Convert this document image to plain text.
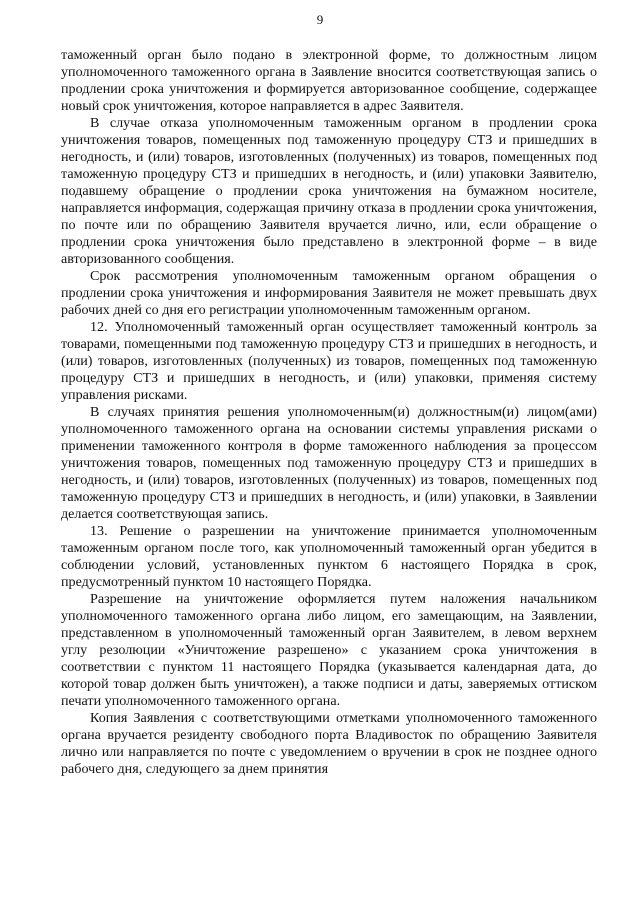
9

таможенный орган было подано в электронной форме, то должностным лицом уполномоченного таможенного органа в Заявление вносится соответствующая запись о продлении срока уничтожения и формируется авторизованное сообщение, содержащее новый срок уничтожения, которое направляется в адрес Заявителя.

В случае отказа уполномоченным таможенным органом в продлении срока уничтожения товаров, помещенных под таможенную процедуру СТЗ и пришедших в негодность, и (или) товаров, изготовленных (полученных) из товаров, помещенных под таможенную процедуру СТЗ и пришедших в негодность, и (или) упаковки Заявителю, подавшему обращение о продлении срока уничтожения на бумажном носителе, направляется информация, содержащая причину отказа в продлении срока уничтожения, по почте или по обращению Заявителя вручается лично, или, если обращение о продлении срока уничтожения было представлено в электронной форме – в виде авторизованного сообщения.

Срок рассмотрения уполномоченным таможенным органом обращения о продлении срока уничтожения и информирования Заявителя не может превышать двух рабочих дней со дня его регистрации уполномоченным таможенным органом.

12. Уполномоченный таможенный орган осуществляет таможенный контроль за товарами, помещенными под таможенную процедуру СТЗ и пришедших в негодность, и (или) товаров, изготовленных (полученных) из товаров, помещенных под таможенную процедуру СТЗ и пришедших в негодность, и (или) упаковки, применяя систему управления рисками.

В случаях принятия решения уполномоченным(и) должностным(и) лицом(ами) уполномоченного таможенного органа на основании системы управления рисками о применении таможенного контроля в форме таможенного наблюдения за процессом уничтожения товаров, помещенных под таможенную процедуру СТЗ и пришедших в негодность, и (или) товаров, изготовленных (полученных) из товаров, помещенных под таможенную процедуру СТЗ и пришедших в негодность, и (или) упаковки, в Заявлении делается соответствующая запись.

13. Решение о разрешении на уничтожение принимается уполномоченным таможенным органом после того, как уполномоченный таможенный орган убедится в соблюдении условий, установленных пунктом 6 настоящего Порядка в срок, предусмотренный пунктом 10 настоящего Порядка.

Разрешение на уничтожение оформляется путем наложения начальником уполномоченного таможенного органа либо лицом, его замещающим, на Заявлении, представленном в уполномоченный таможенный орган Заявителем, в левом верхнем углу резолюции «Уничтожение разрешено» с указанием срока уничтожения в соответствии с пунктом 11 настоящего Порядка (указывается календарная дата, до которой товар должен быть уничтожен), а также подписи и даты, заверяемых оттиском печати уполномоченного таможенного органа.

Копия Заявления с соответствующими отметками уполномоченного таможенного органа вручается резиденту свободного порта Владивосток по обращению Заявителя лично или направляется по почте с уведомлением о вручении в срок не позднее одного рабочего дня, следующего за днем принятия
